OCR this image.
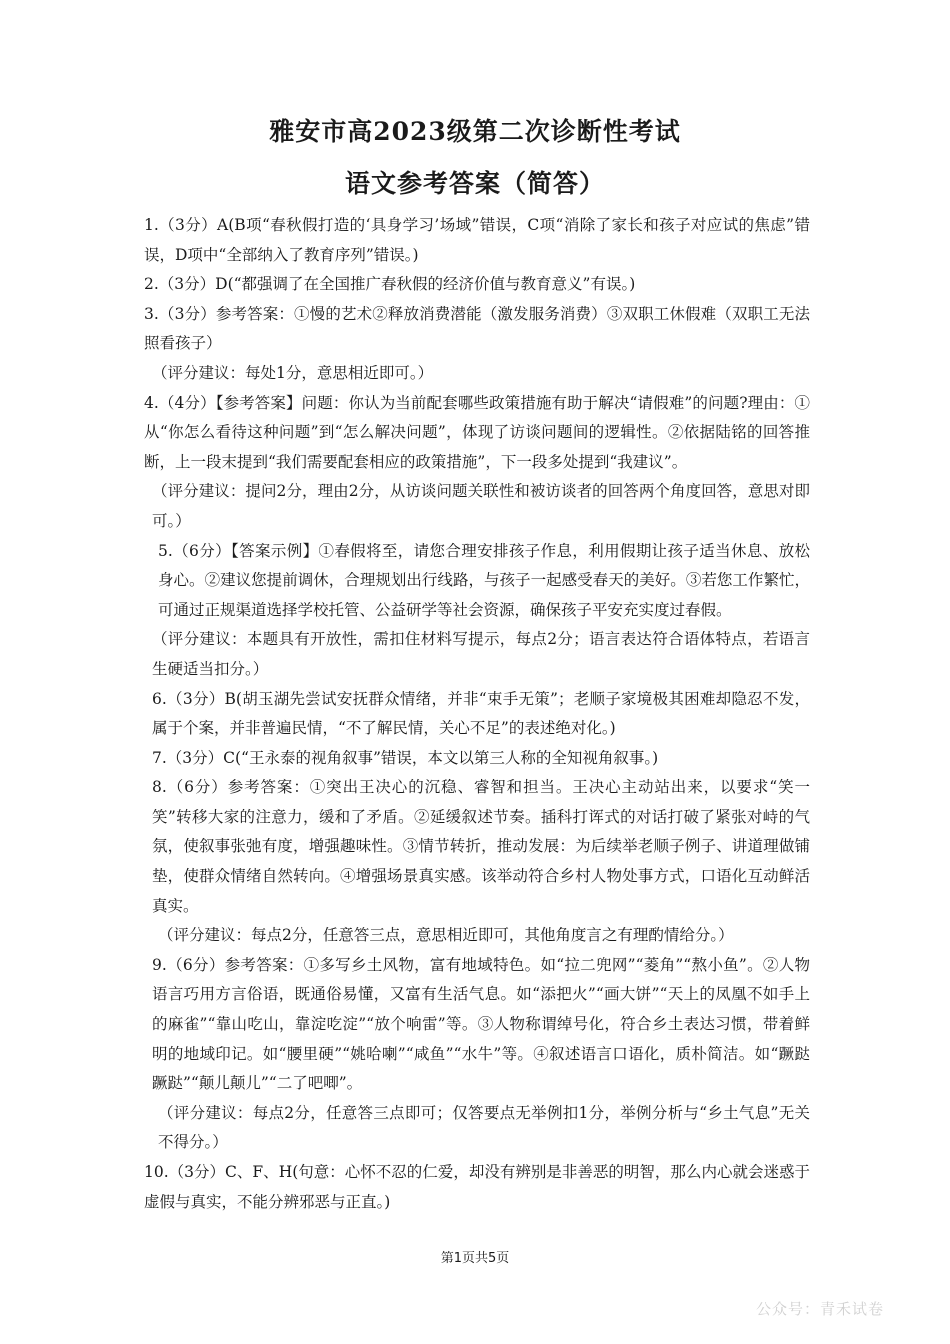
雅安市高2023级第二次诊断性考试
语文参考答案（简答）

1.（3分）A(B项“春秋假打造的‘具身学习’场域”错误，C项“消除了家长和孩子对应试的焦虑”错误，D项中“全部纳入了教育序列”错误。)

2.（3分）D(“都强调了在全国推广春秋假的经济价值与教育意义”有误。)

3.（3分）参考答案：①慢的艺术②释放消费潜能（激发服务消费）③双职工休假难（双职工无法照看孩子）

（评分建议：每处1分，意思相近即可。）

4.（4分）【参考答案】问题：你认为当前配套哪些政策措施有助于解决“请假难”的问题?理由：①从“你怎么看待这种问题”到“怎么解决问题”，体现了访谈问题间的逻辑性。②依据陆铭的回答推断，上一段末提到“我们需要配套相应的政策措施”，下一段多处提到“我建议”。

（评分建议：提问2分，理由2分，从访谈问题关联性和被访谈者的回答两个角度回答，意思对即可。）

5.（6分）【答案示例】①春假将至，请您合理安排孩子作息，利用假期让孩子适当休息、放松身心。②建议您提前调休，合理规划出行线路，与孩子一起感受春天的美好。③若您工作繁忙，可通过正规渠道选择学校托管、公益研学等社会资源，确保孩子平安充实度过春假。

（评分建议：本题具有开放性，需扣住材料写提示，每点2分；语言表达符合语体特点，若语言生硬适当扣分。）

6.（3分）B(胡玉湖先尝试安抚群众情绪，并非“束手无策”；老顺子家境极其困难却隐忍不发，属于个案，并非普遍民情，“不了解民情，关心不足”的表述绝对化。)

7.（3分）C(“王永泰的视角叙事”错误，本文以第三人称的全知视角叙事。)

8.（6分）参考答案：①突出王决心的沉稳、睿智和担当。王决心主动站出来，以要求“笑一笑”转移大家的注意力，缓和了矛盾。②延缓叙述节奏。插科打诨式的对话打破了紧张对峙的气氛，使叙事张弛有度，增强趣味性。③情节转折，推动发展：为后续举老顺子例子、讲道理做铺垫，使群众情绪自然转向。④增强场景真实感。该举动符合乡村人物处事方式，口语化互动鲜活真实。

（评分建议：每点2分，任意答三点，意思相近即可，其他角度言之有理酌情给分。）

9.（6分）参考答案：①多写乡土风物，富有地域特色。如“拉二兜网”“菱角”“熬小鱼”。②人物语言巧用方言俗语，既通俗易懂，又富有生活气息。如“添把火”“画大饼”“天上的凤凰不如手上的麻雀”“靠山吃山，靠淀吃淀”“放个响雷”等。③人物称谓绰号化，符合乡土表达习惯，带着鲜明的地域印记。如“腰里硬”“姚哈喇”“咸鱼”“水牛”等。④叙述语言口语化，质朴简洁。如“蹶跶蹶跶”“颠儿颠儿”“二了吧唧”。

（评分建议：每点2分，任意答三点即可；仅答要点无举例扣1分，举例分析与“乡土气息”无关不得分。）

10.（3分）C、F、H(句意：心怀不忍的仁爱，却没有辨别是非善恶的明智，那么内心就会迷惑于虚假与真实，不能分辨邪恶与正直。)

第1页共5页
公众号：青禾试卷
